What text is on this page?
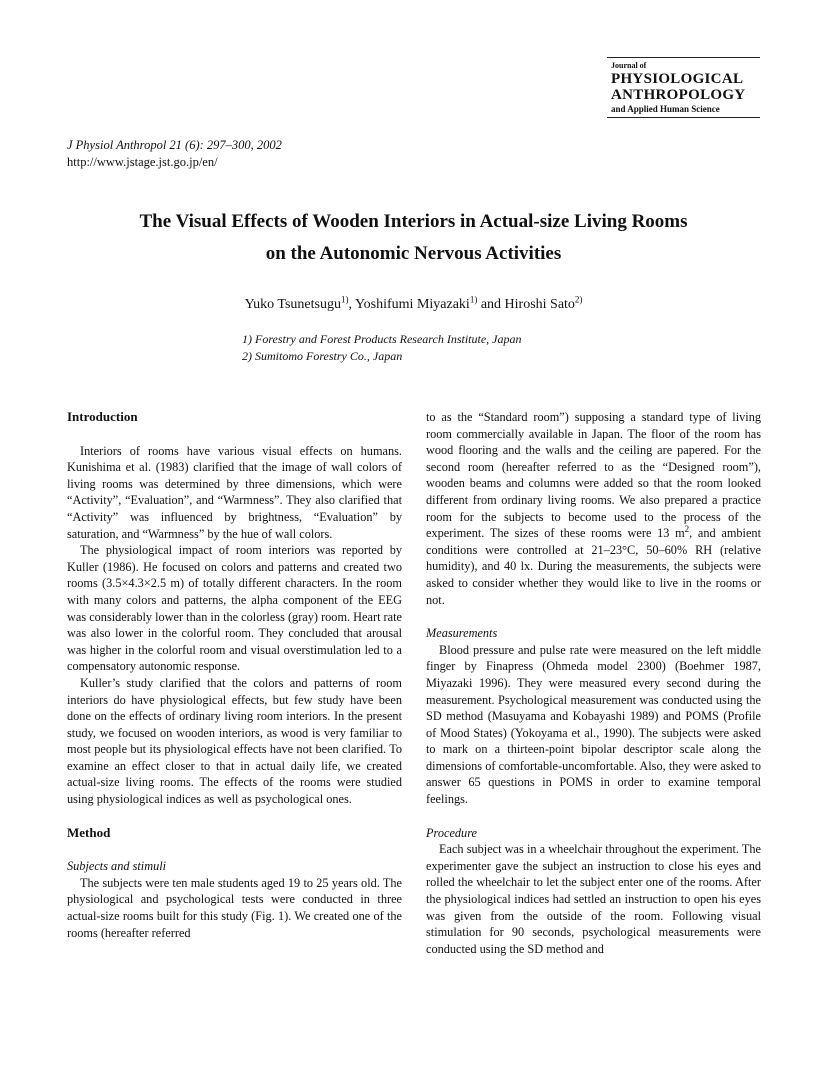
Journal of
PHYSIOLOGICAL
ANTHROPOLOGY
and Applied Human Science
J Physiol Anthropol 21 (6): 297–300, 2002
http://www.jstage.jst.go.jp/en/
The Visual Effects of Wooden Interiors in Actual-size Living Rooms
on the Autonomic Nervous Activities
Yuko Tsunetsugu$^{1)}$, Yoshifumi Miyazaki$^{1)}$ and Hiroshi Sato$^{2)}$
1) Forestry and Forest Products Research Institute, Japan
2) Sumitomo Forestry Co., Japan
Introduction

Interiors of rooms have various visual effects on humans. Kunishima et al. (1983) clarified that the image of wall colors of living rooms was determined by three dimensions, which were “Activity”, “Evaluation”, and “Warmness”. They also clarified that “Activity” was influenced by brightness, “Evaluation” by saturation, and “Warmness” by the hue of wall colors.

The physiological impact of room interiors was reported by Kuller (1986). He focused on colors and patterns and created two rooms (3.5×4.3×2.5 m) of totally different characters. In the room with many colors and patterns, the alpha component of the EEG was considerably lower than in the colorless (gray) room. Heart rate was also lower in the colorful room. They concluded that arousal was higher in the colorful room and visual overstimulation led to a compensatory autonomic response.

Kuller’s study clarified that the colors and patterns of room interiors do have physiological effects, but few study have been done on the effects of ordinary living room interiors. In the present study, we focused on wooden interiors, as wood is very familiar to most people but its physiological effects have not been clarified. To examine an effect closer to that in actual daily life, we created actual-size living rooms. The effects of the rooms were studied using physiological indices as well as psychological ones.

Method
Subjects and stimuli

The subjects were ten male students aged 19 to 25 years old. The physiological and psychological tests were conducted in three actual-size rooms built for this study (Fig. 1). We created one of the rooms (hereafter referred

to as the “Standard room”) supposing a standard type of living room commercially available in Japan. The floor of the room has wood flooring and the walls and the ceiling are papered. For the second room (hereafter referred to as the “Designed room”), wooden beams and columns were added so that the room looked different from ordinary living rooms. We also prepared a practice room for the subjects to become used to the process of the experiment. The sizes of these rooms were 13 $m^2$, and ambient conditions were controlled at 21–23°C, 50–60% RH (relative humidity), and 40 lx. During the measurements, the subjects were asked to consider whether they would like to live in the rooms or not.

Measurements

Blood pressure and pulse rate were measured on the left middle finger by Finapress (Ohmeda model 2300) (Boehmer 1987, Miyazaki 1996). They were measured every second during the measurement. Psychological measurement was conducted using the SD method (Masuyama and Kobayashi 1989) and POMS (Profile of Mood States) (Yokoyama et al., 1990). The subjects were asked to mark on a thirteen-point bipolar descriptor scale along the dimensions of comfortable-uncomfortable. Also, they were asked to answer 65 questions in POMS in order to examine temporal feelings.

Procedure

Each subject was in a wheelchair throughout the experiment. The experimenter gave the subject an instruction to close his eyes and rolled the wheelchair to let the subject enter one of the rooms. After the physiological indices had settled an instruction to open his eyes was given from the outside of the room. Following visual stimulation for 90 seconds, psychological measurements were conducted using the SD method and
